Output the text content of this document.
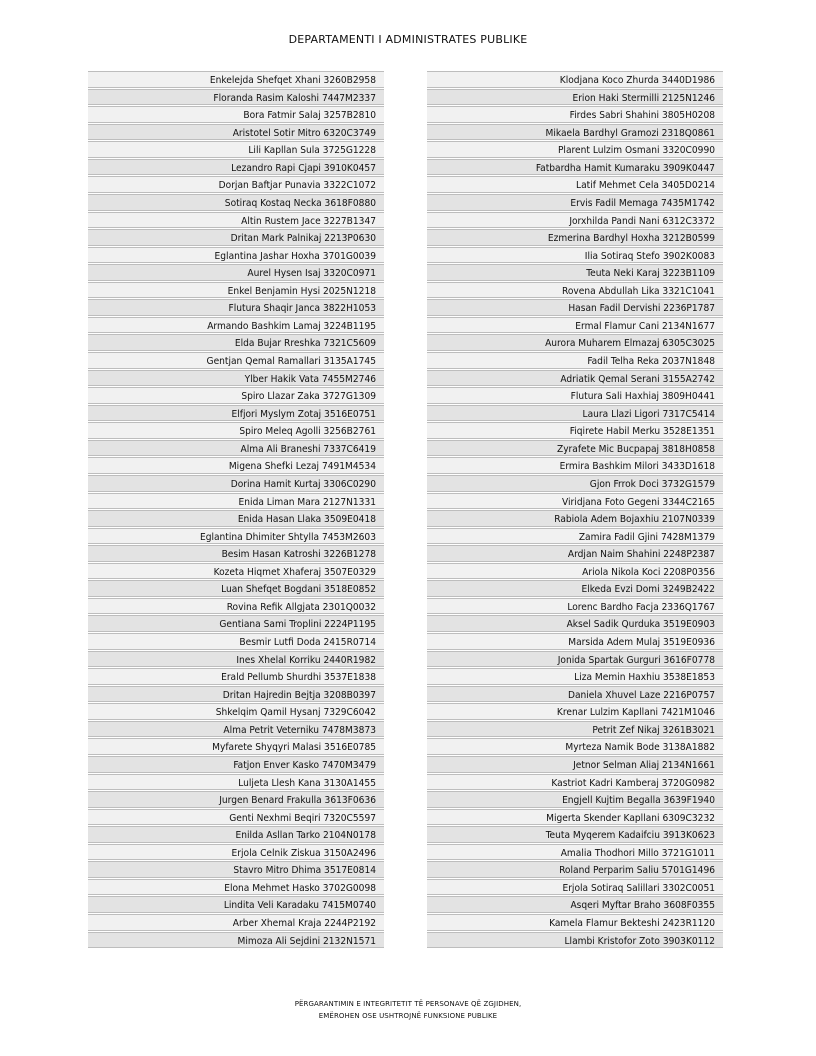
DEPARTAMENTI I ADMINISTRATES PUBLIKE
Enkelejda Shefqet Xhani 3260B2958
Floranda Rasim Kaloshi 7447M2337
Bora Fatmir Salaj 3257B2810
Aristotel Sotir Mitro 6320C3749
Lili Kapllan Sula 3725G1228
Lezandro Rapi Cjapi 3910K0457
Dorjan Baftjar Punavia 3322C1072
Sotiraq Kostaq Necka 3618F0880
Altin Rustem Jace 3227B1347
Dritan Mark Palnikaj 2213P0630
Eglantina Jashar Hoxha 3701G0039
Aurel Hysen Isaj 3320C0971
Enkel Benjamin Hysi 2025N1218
Flutura Shaqir Janca 3822H1053
Armando Bashkim Lamaj 3224B1195
Elda Bujar Rreshka 7321C5609
Gentjan Qemal Ramallari 3135A1745
Ylber Hakik Vata 7455M2746
Spiro Llazar Zaka 3727G1309
Elfjori Myslym Zotaj 3516E0751
Spiro Meleq Agolli 3256B2761
Alma Ali Braneshi 7337C6419
Migena Shefki Lezaj 7491M4534
Dorina Hamit Kurtaj 3306C0290
Enida Liman Mara 2127N1331
Enida Hasan Llaka 3509E0418
Eglantina Dhimiter Shtylla 7453M2603
Besim Hasan Katroshi 3226B1278
Kozeta Hiqmet Xhaferaj 3507E0329
Luan Shefqet Bogdani 3518E0852
Rovina Refik Allgjata 2301Q0032
Gentiana Sami Troplini 2224P1195
Besmir Lutfi Doda 2415R0714
Ines Xhelal Korriku 2440R1982
Erald Pellumb Shurdhi 3537E1838
Dritan Hajredin Bejtja 3208B0397
Shkelqim Qamil Hysanj 7329C6042
Alma Petrit Veterniku 7478M3873
Myfarete Shyqyri Malasi 3516E0785
Fatjon Enver Kasko 7470M3479
Luljeta Llesh Kana 3130A1455
Jurgen Benard Frakulla 3613F0636
Genti Nexhmi Beqiri 7320C5597
Enilda Asllan Tarko 2104N0178
Erjola Celnik Ziskua 3150A2496
Stavro Mitro Dhima 3517E0814
Elona Mehmet Hasko 3702G0098
Lindita Veli Karadaku 7415M0740
Arber Xhemal Kraja 2244P2192
Mimoza Ali Sejdini 2132N1571
Klodjana Koco Zhurda 3440D1986
Erion Haki Stermilli 2125N1246
Firdes Sabri Shahini 3805H0208
Mikaela Bardhyl Gramozi 2318Q0861
Plarent Lulzim Osmani 3320C0990
Fatbardha Hamit Kumaraku 3909K0447
Latif Mehmet Cela 3405D0214
Ervis Fadil Memaga 7435M1742
Jorxhilda Pandi Nani 6312C3372
Ezmerina Bardhyl Hoxha 3212B0599
Ilia Sotiraq Stefo 3902K0083
Teuta Neki Karaj 3223B1109
Rovena Abdullah Lika 3321C1041
Hasan Fadil Dervishi 2236P1787
Ermal Flamur Cani 2134N1677
Aurora Muharem Elmazaj 6305C3025
Fadil Telha Reka 2037N1848
Adriatik Qemal Serani 3155A2742
Flutura Sali Haxhiaj 3809H0441
Laura Llazi Ligori 7317C5414
Fiqirete Habil Merku 3528E1351
Zyrafete Mic Bucpapaj 3818H0858
Ermira Bashkim Milori 3433D1618
Gjon Frrok Doci 3732G1579
Viridjana Foto Gegeni 3344C2165
Rabiola Adem Bojaxhiu 2107N0339
Zamira Fadil Gjini 7428M1379
Ardjan Naim Shahini 2248P2387
Ariola Nikola Koci 2208P0356
Elkeda Evzi Domi 3249B2422
Lorenc Bardho Facja 2336Q1767
Aksel Sadik Qurduka 3519E0903
Marsida Adem Mulaj 3519E0936
Jonida Spartak Gurguri 3616F0778
Liza Memin Haxhiu 3538E1853
Daniela Xhuvel Laze 2216P0757
Krenar Lulzim Kapllani 7421M1046
Petrit Zef Nikaj 3261B3021
Myrteza Namik Bode 3138A1882
Jetnor Selman Aliaj 2134N1661
Kastriot Kadri Kamberaj 3720G0982
Engjell Kujtim Begalla 3639F1940
Migerta Skender Kapllani 6309C3232
Teuta Myqerem Kadaifciu 3913K0623
Amalia Thodhori Millo 3721G1011
Roland Perparim Saliu 5701G1496
Erjola Sotiraq Salillari 3302C0051
Asqeri Myftar Braho 3608F0355
Kamela Flamur Bekteshi 2423R1120
Llambi Kristofor Zoto 3903K0112
PËRGARANTIMIN E INTEGRITETIT TË PERSONAVE QË ZGJIDHEN,
EMËROHEN OSE USHTROJNË FUNKSIONE PUBLIKE
